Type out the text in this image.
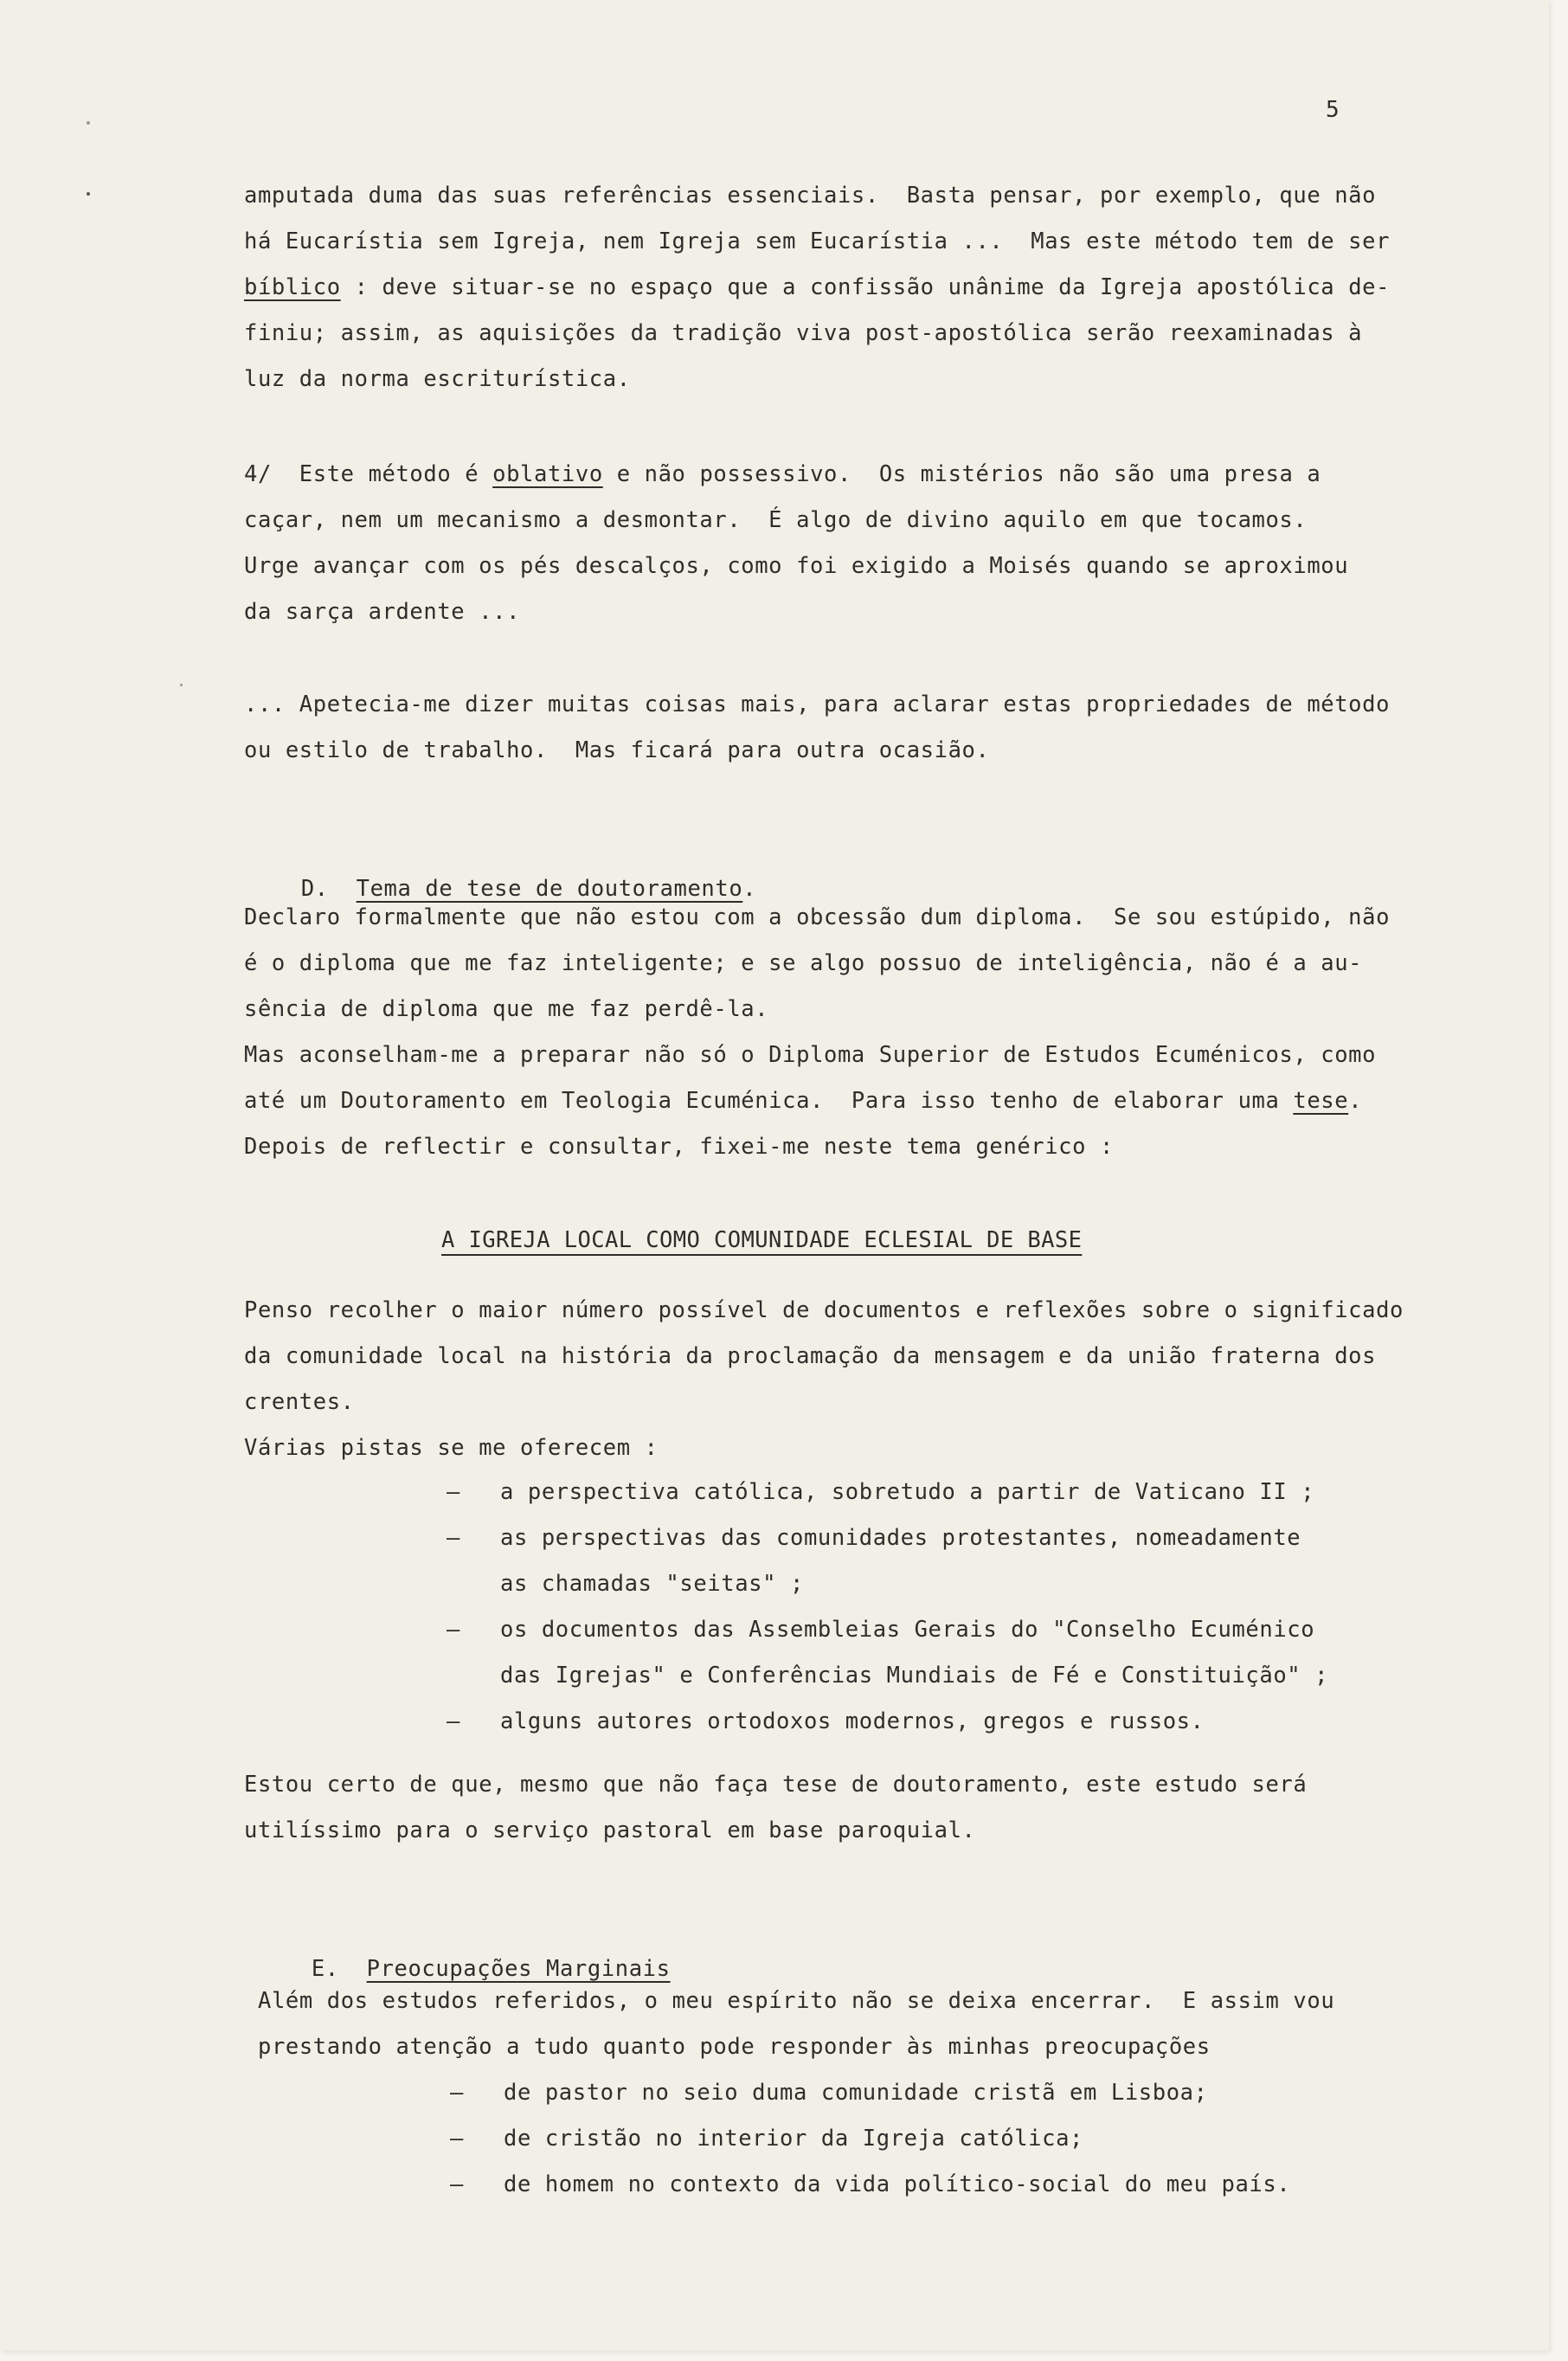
5
amputada duma das suas referências essenciais.  Basta pensar, por exemplo, que não
há Eucarístia sem Igreja, nem Igreja sem Eucarístia ...  Mas este método tem de ser
bíblico : deve situar-se no espaço que a confissão unânime da Igreja apostólica de-
finiu; assim, as aquisições da tradição viva post-apostólica serão reexaminadas à
luz da norma escriturística.
4/  Este método é oblativo e não possessivo.  Os mistérios não são uma presa a
caçar, nem um mecanismo a desmontar.  É algo de divino aquilo em que tocamos.
Urge avançar com os pés descalços, como foi exigido a Moisés quando se aproximou
da sarça ardente ...
... Apetecia-me dizer muitas coisas mais, para aclarar estas propriedades de método
ou estilo de trabalho.  Mas ficará para outra ocasião.

D. Tema de tese de doutoramento.

Declaro formalmente que não estou com a obcessão dum diploma.  Se sou estúpido, não
é o diploma que me faz inteligente; e se algo possuo de inteligência, não é a au-
sência de diploma que me faz perdê-la.
Mas aconselham-me a preparar não só o Diploma Superior de Estudos Ecuménicos, como
até um Doutoramento em Teologia Ecuménica.  Para isso tenho de elaborar uma tese.
Depois de reflectir e consultar, fixei-me neste tema genérico :
A IGREJA LOCAL COMO COMUNIDADE ECLESIAL DE BASE
Penso recolher o maior número possível de documentos e reflexões sobre o significado
da comunidade local na história da proclamação da mensagem e da união fraterna dos
crentes.
Várias pistas se me oferecem :
— a perspectiva católica, sobretudo a partir de Vaticano II ;
— as perspectivas das comunidades protestantes, nomeadamente
as chamadas "seitas" ;
— os documentos das Assembleias Gerais do "Conselho Ecuménico
das Igrejas" e Conferências Mundiais de Fé e Constituição" ;
— alguns autores ortodoxos modernos, gregos e russos.
Estou certo de que, mesmo que não faça tese de doutoramento, este estudo será
utilíssimo para o serviço pastoral em base paroquial.

E. Preocupações Marginais

Além dos estudos referidos, o meu espírito não se deixa encerrar.  E assim vou
prestando atenção a tudo quanto pode responder às minhas preocupações
— de pastor no seio duma comunidade cristã em Lisboa;
— de cristão no interior da Igreja católica;
— de homem no contexto da vida político-social do meu país.
